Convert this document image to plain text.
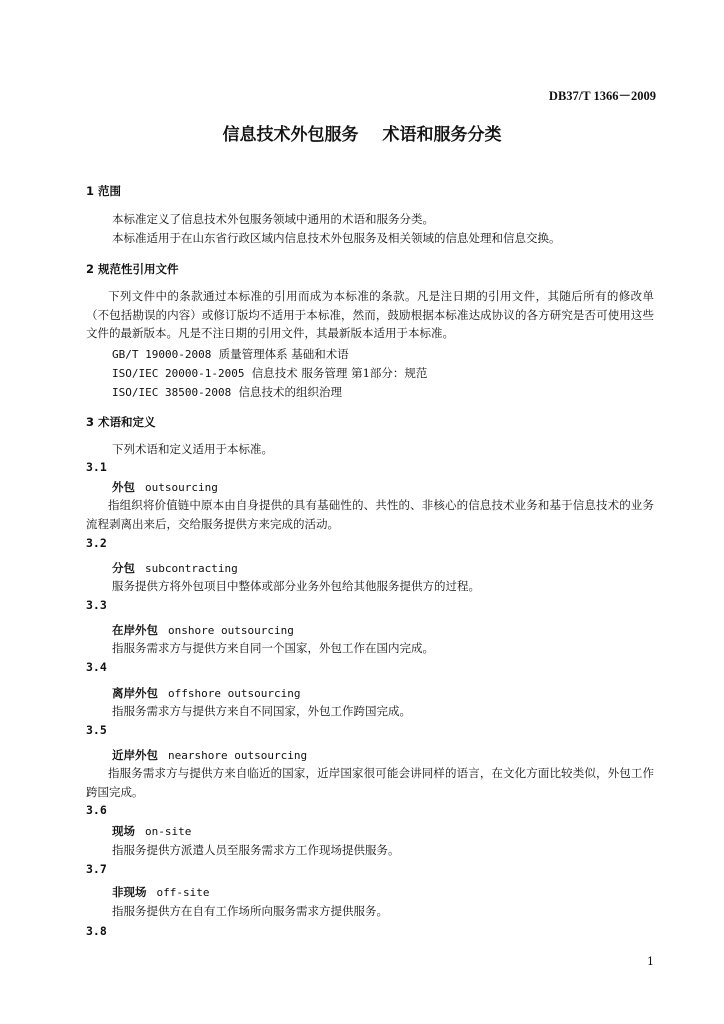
DB37/T 1366－2009
信息技术外包服务 术语和服务分类
1 范围
本标准定义了信息技术外包服务领域中通用的术语和服务分类。
本标准适用于在山东省行政区域内信息技术外包服务及相关领域的信息处理和信息交换。
2 规范性引用文件
下列文件中的条款通过本标准的引用而成为本标准的条款。凡是注日期的引用文件，其随后所有的修改单（不包括勘误的内容）或修订版均不适用于本标准，然而，鼓励根据本标准达成协议的各方研究是否可使用这些文件的最新版本。凡是不注日期的引用文件，其最新版本适用于本标准。
GB/T 19000-2008 质量管理体系 基础和术语
ISO/IEC 20000-1-2005 信息技术 服务管理 第1部分：规范
ISO/IEC 38500-2008 信息技术的组织治理
3 术语和定义
下列术语和定义适用于本标准。
3.1
外包 outsourcing
指组织将价值链中原本由自身提供的具有基础性的、共性的、非核心的信息技术业务和基于信息技术的业务流程剥离出来后，交给服务提供方来完成的活动。
3.2
分包 subcontracting
服务提供方将外包项目中整体或部分业务外包给其他服务提供方的过程。
3.3
在岸外包 onshore outsourcing
指服务需求方与提供方来自同一个国家，外包工作在国内完成。
3.4
离岸外包 offshore outsourcing
指服务需求方与提供方来自不同国家，外包工作跨国完成。
3.5
近岸外包 nearshore outsourcing
指服务需求方与提供方来自临近的国家，近岸国家很可能会讲同样的语言，在文化方面比较类似，外包工作跨国完成。
3.6
现场 on-site
指服务提供方派遣人员至服务需求方工作现场提供服务。
3.7
非现场 off-site
指服务提供方在自有工作场所向服务需求方提供服务。
3.8
1
